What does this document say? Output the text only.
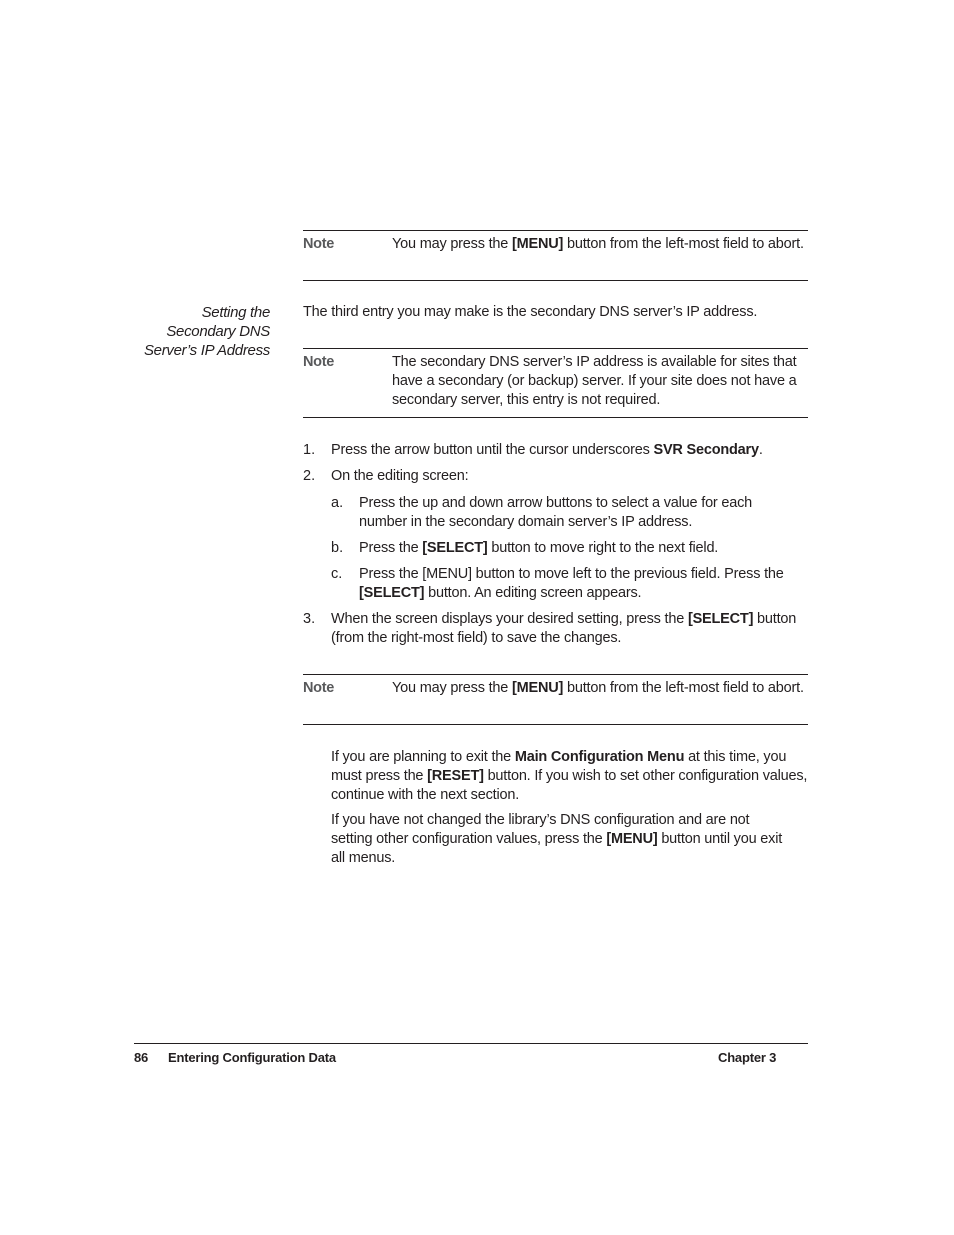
Note	You may press the [MENU] button from the left-most field to abort.
Setting the
Secondary DNS
Server’s IP Address
The third entry you may make is the secondary DNS server’s IP address.
Note	The secondary DNS server’s IP address is available for sites that
have a secondary (or backup) server. If your site does not have a
secondary server, this entry is not required.
1. Press the arrow button until the cursor underscores SVR Secondary.
2. On the editing screen:
a. Press the up and down arrow buttons to select a value for each
number in the secondary domain server’s IP address.
b. Press the [SELECT] button to move right to the next field.
c. Press the [MENU] button to move left to the previous field. Press the
[SELECT] button. An editing screen appears.
3. When the screen displays your desired setting, press the [SELECT] button
(from the right-most field) to save the changes.
Note	You may press the [MENU] button from the left-most field to abort.
If you are planning to exit the Main Configuration Menu at this time, you
must press the [RESET] button. If you wish to set other configuration values,
continue with the next section.
If you have not changed the library’s DNS configuration and are not
setting other configuration values, press the [MENU] button until you exit
all menus.
86 Entering Configuration Data	Chapter 3
